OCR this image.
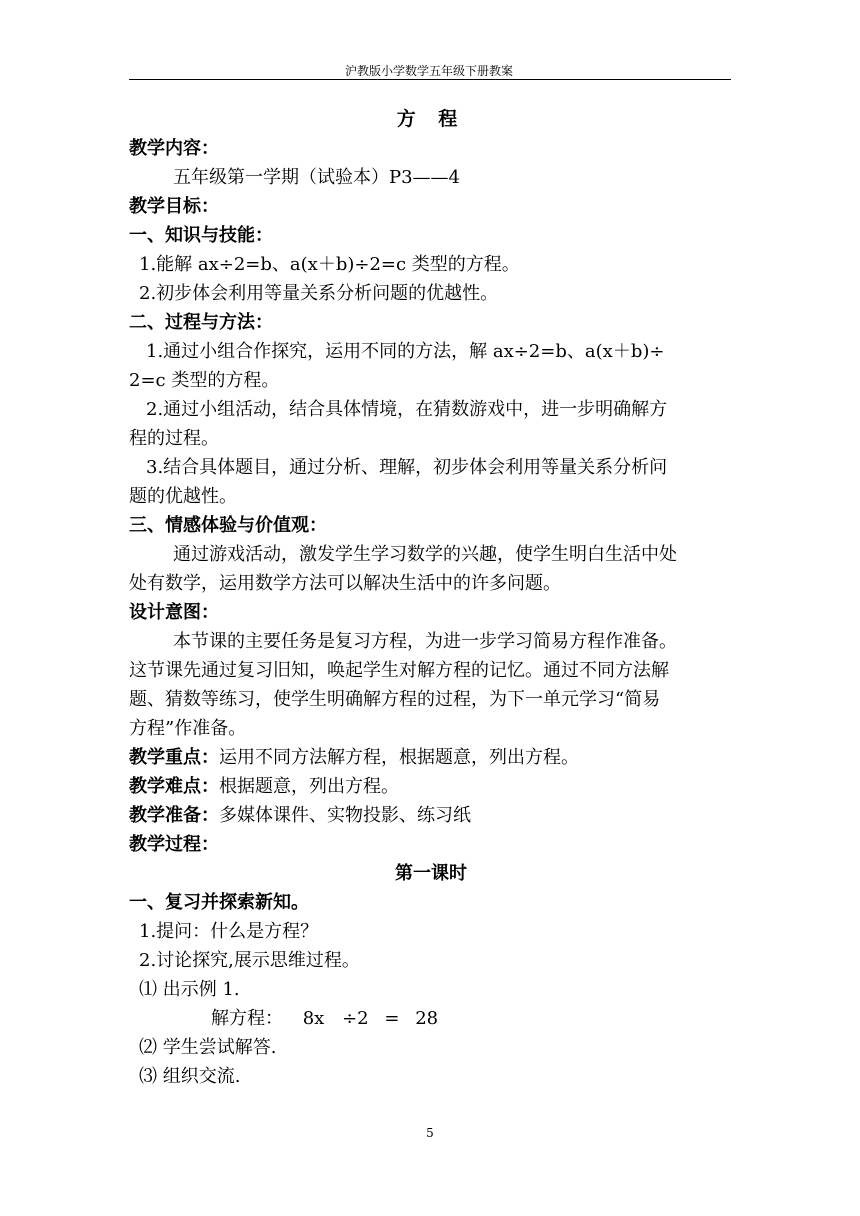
沪教版小学数学五年级下册教案
方 程
教学内容：
五年级第一学期（试验本）P3——4
教学目标：
一、知识与技能：
1.能解 ax÷2=b、a(x＋b)÷2=c 类型的方程。
2.初步体会利用等量关系分析问题的优越性。
二、过程与方法：
1.通过小组合作探究，运用不同的方法，解 ax÷2=b、a(x＋b)÷
2=c 类型的方程。
2.通过小组活动，结合具体情境，在猜数游戏中，进一步明确解方
程的过程。
3.结合具体题目，通过分析、理解，初步体会利用等量关系分析问
题的优越性。
三、情感体验与价值观：
通过游戏活动，激发学生学习数学的兴趣，使学生明白生活中处
处有数学，运用数学方法可以解决生活中的许多问题。
设计意图：
本节课的主要任务是复习方程，为进一步学习简易方程作准备。
这节课先通过复习旧知，唤起学生对解方程的记忆。通过不同方法解
题、猜数等练习，使学生明确解方程的过程，为下一单元学习“简易
方程”作准备。
教学重点：运用不同方法解方程，根据题意，列出方程。
教学难点：根据题意，列出方程。
教学准备：多媒体课件、实物投影、练习纸
教学过程：
第一课时
一、复习并探索新知。
1.提问：什么是方程？
2.讨论探究,展示思维过程。
⑴ 出示例 1.
解方程： 8x ÷2 = 28
⑵ 学生尝试解答.
⑶ 组织交流.
5
